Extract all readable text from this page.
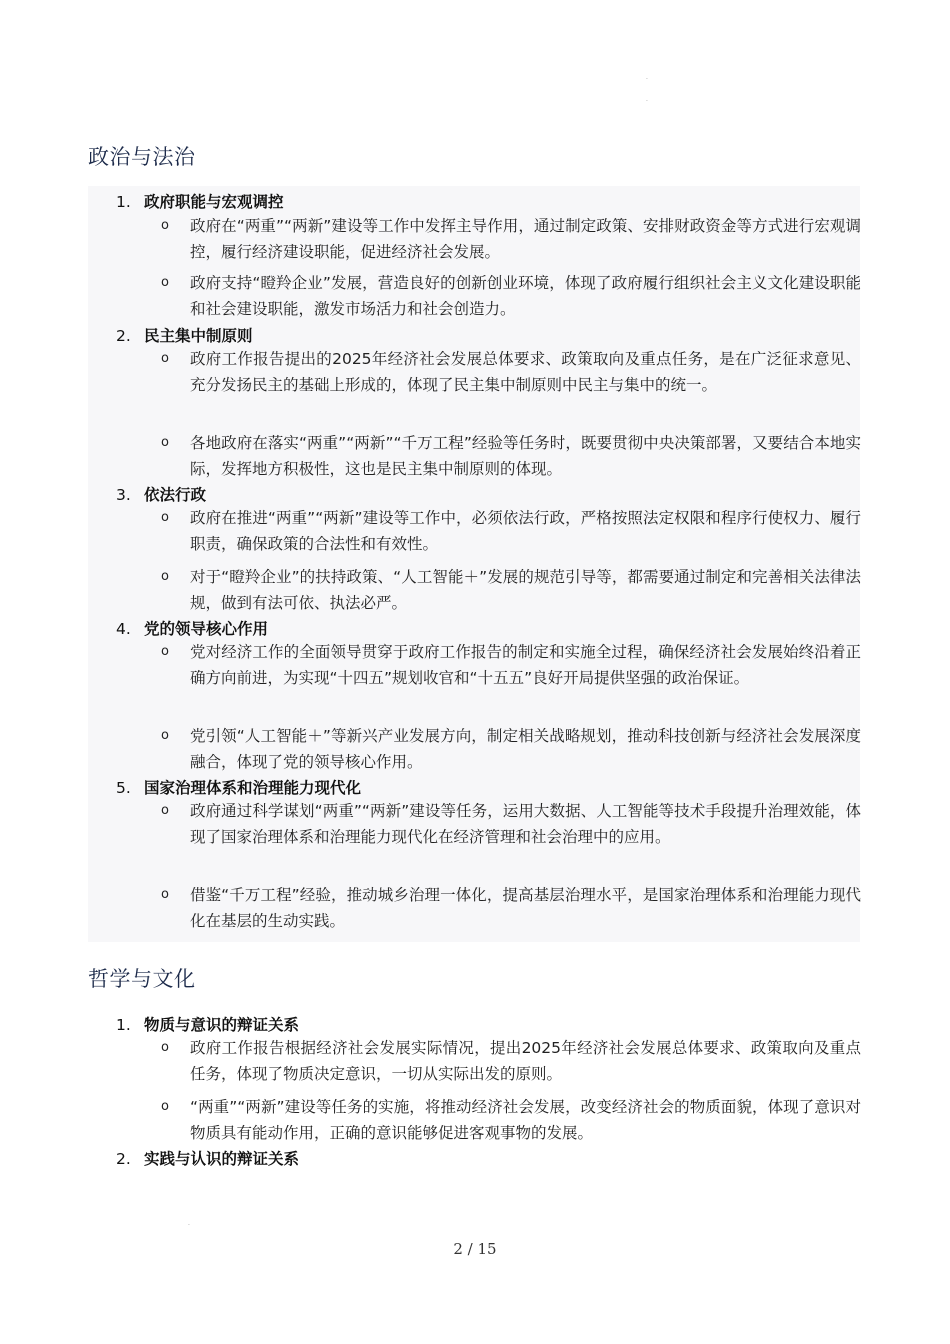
·
·
政治与法治
1. 政府职能与宏观调控
o 政府在“两重”“两新”建设等工作中发挥主导作用，通过制定政策、安排财政资金等方式进行宏观调控，履行经济建设职能，促进经济社会发展。
o 政府支持“瞪羚企业”发展，营造良好的创新创业环境，体现了政府履行组织社会主义文化建设职能和社会建设职能，激发市场活力和社会创造力。
2. 民主集中制原则
o 政府工作报告提出的2025年经济社会发展总体要求、政策取向及重点任务，是在广泛征求意见、充分发扬民主的基础上形成的，体现了民主集中制原则中民主与集中的统一。
o 各地政府在落实“两重”“两新”“千万工程”经验等任务时，既要贯彻中央决策部署，又要结合本地实际，发挥地方积极性，这也是民主集中制原则的体现。
3. 依法行政
o 政府在推进“两重”“两新”建设等工作中，必须依法行政，严格按照法定权限和程序行使权力、履行职责，确保政策的合法性和有效性。
o 对于“瞪羚企业”的扶持政策、“人工智能＋”发展的规范引导等，都需要通过制定和完善相关法律法规，做到有法可依、执法必严。
4. 党的领导核心作用
o 党对经济工作的全面领导贯穿于政府工作报告的制定和实施全过程，确保经济社会发展始终沿着正确方向前进，为实现“十四五”规划收官和“十五五”良好开局提供坚强的政治保证。
o 党引领“人工智能＋”等新兴产业发展方向，制定相关战略规划，推动科技创新与经济社会发展深度融合，体现了党的领导核心作用。
5. 国家治理体系和治理能力现代化
o 政府通过科学谋划“两重”“两新”建设等任务，运用大数据、人工智能等技术手段提升治理效能，体现了国家治理体系和治理能力现代化在经济管理和社会治理中的应用。
o 借鉴“千万工程”经验，推动城乡治理一体化，提高基层治理水平，是国家治理体系和治理能力现代化在基层的生动实践。
哲学与文化
1. 物质与意识的辩证关系
o 政府工作报告根据经济社会发展实际情况，提出2025年经济社会发展总体要求、政策取向及重点任务，体现了物质决定意识，一切从实际出发的原则。
o “两重”“两新”建设等任务的实施，将推动经济社会发展，改变经济社会的物质面貌，体现了意识对物质具有能动作用，正确的意识能够促进客观事物的发展。
2. 实践与认识的辩证关系
·
2 / 15
